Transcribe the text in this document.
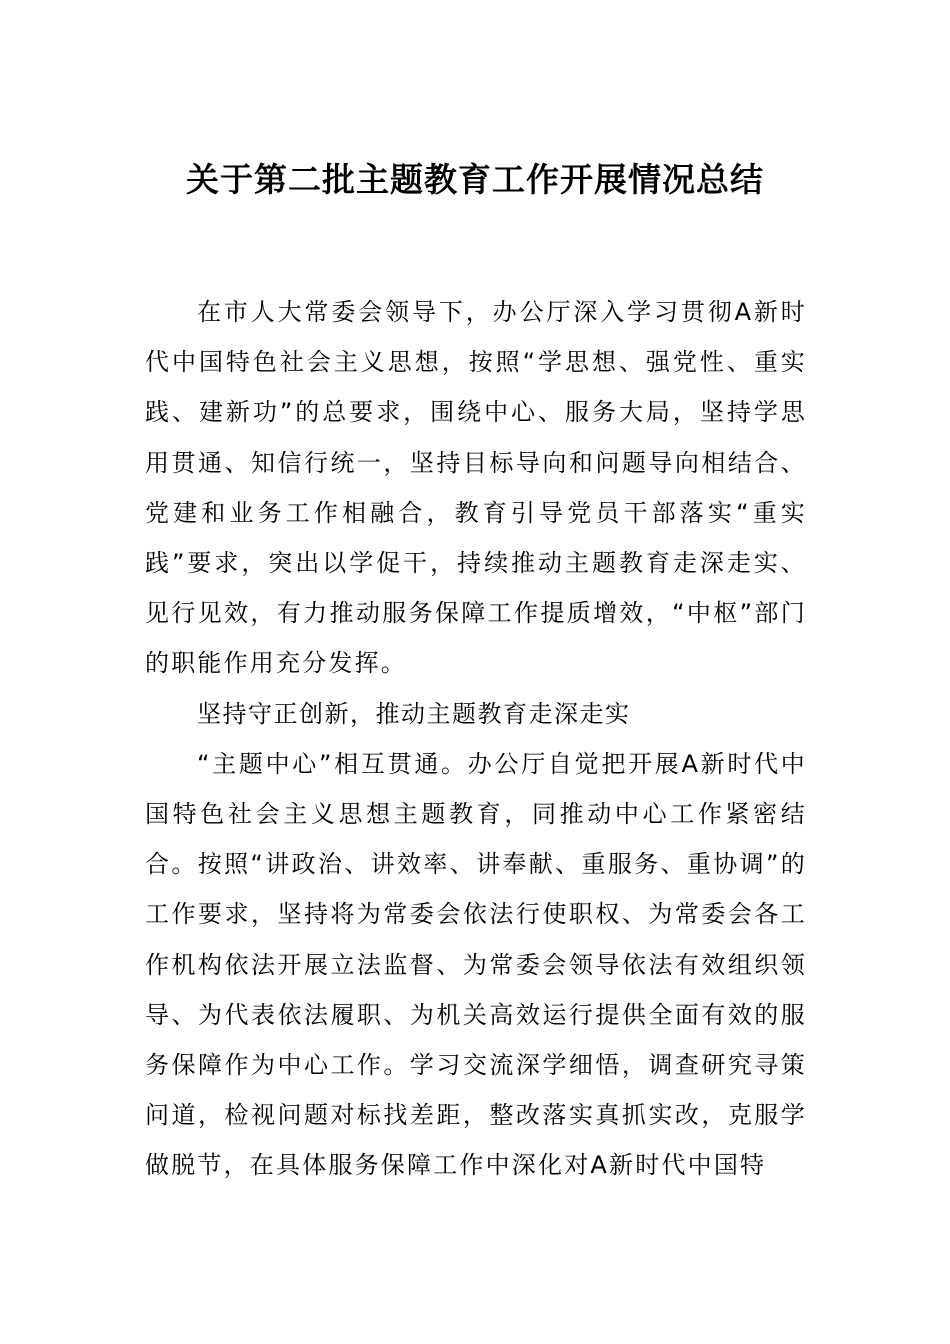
关于第二批主题教育工作开展情况总结

在市人大常委会领导下，办公厅深入学习贯彻A新时代中国特色社会主义思想，按照“学思想、强党性、重实践、建新功”的总要求，围绕中心、服务大局，坚持学思用贯通、知信行统一，坚持目标导向和问题导向相结合、党建和业务工作相融合，教育引导党员干部落实“重实践”要求，突出以学促干，持续推动主题教育走深走实、见行见效，有力推动服务保障工作提质增效，“中枢”部门的职能作用充分发挥。

坚持守正创新，推动主题教育走深走实

“主题中心”相互贯通。办公厅自觉把开展A新时代中国特色社会主义思想主题教育，同推动中心工作紧密结合。按照“讲政治、讲效率、讲奉献、重服务、重协调”的工作要求，坚持将为常委会依法行使职权、为常委会各工作机构依法开展立法监督、为常委会领导依法有效组织领导、为代表依法履职、为机关高效运行提供全面有效的服务保障作为中心工作。学习交流深学细悟，调查研究寻策问道，检视问题对标找差距，整改落实真抓实改，克服学做脱节，在具体服务保障工作中深化对A新时代中国特
